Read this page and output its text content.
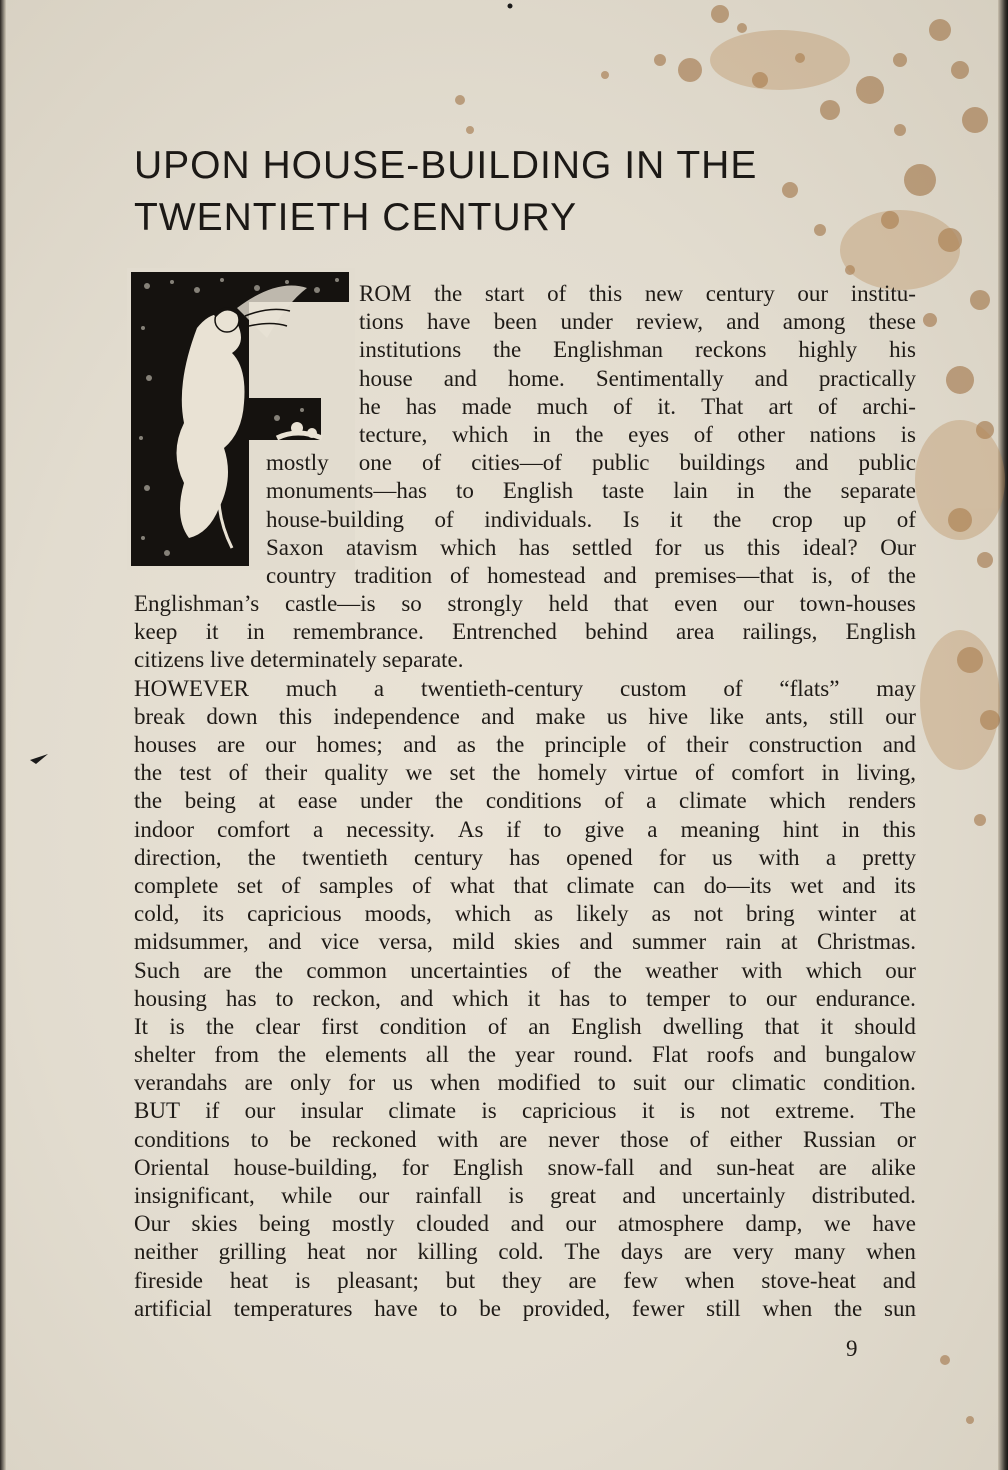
UPON HOUSE-BUILDING IN THE
TWENTIETH CENTURY
ROM the start of this new century our institu-
tions have been under review, and among these
institutions the Englishman reckons highly his
house and home. Sentimentally and practically
he has made much of it. That art of archi-
tecture, which in the eyes of other nations is
mostly one of cities—of public buildings and public
monuments—has to English taste lain in the separate
house-building of individuals. Is it the crop up of
Saxon atavism which has settled for us this ideal? Our
country tradition of homestead and premises—that is, of the
Englishman’s castle—is so strongly held that even our town-houses
keep it in remembrance. Entrenched behind area railings, English
citizens live determinately separate.
HOWEVER much a twentieth-century custom of “flats” may
break down this independence and make us hive like ants, still our
houses are our homes; and as the principle of their construction and
the test of their quality we set the homely virtue of comfort in living,
the being at ease under the conditions of a climate which renders
indoor comfort a necessity. As if to give a meaning hint in this
direction, the twentieth century has opened for us with a pretty
complete set of samples of what that climate can do—its wet and its
cold, its capricious moods, which as likely as not bring winter at
midsummer, and vice versa, mild skies and summer rain at Christmas.
Such are the common uncertainties of the weather with which our
housing has to reckon, and which it has to temper to our endurance.
It is the clear first condition of an English dwelling that it should
shelter from the elements all the year round. Flat roofs and bungalow
verandahs are only for us when modified to suit our climatic condition.
BUT if our insular climate is capricious it is not extreme. The
conditions to be reckoned with are never those of either Russian or
Oriental house-building, for English snow-fall and sun-heat are alike
insignificant, while our rainfall is great and uncertainly distributed.
Our skies being mostly clouded and our atmosphere damp, we have
neither grilling heat nor killing cold. The days are very many when
fireside heat is pleasant; but they are few when stove-heat and
artificial temperatures have to be provided, fewer still when the sun
9
